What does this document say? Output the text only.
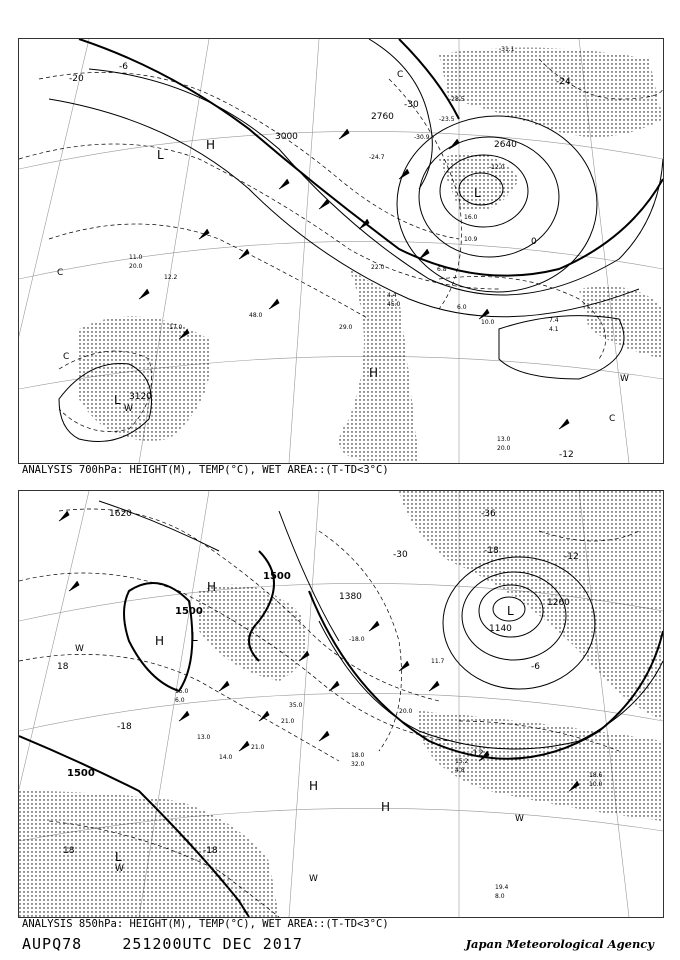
3000
2760
2640
3120
-30
-24
-20
-6
0
-12
L
L
L
H
H
W
W
C
C
C
C
-31.1
-28.5
-23.5
-12.0
-30.9
-24.7
22.0
10.9
16.0
6.8
6.0
7.4
4.1
13.0
20.0
4.4
45.0
29.0
10.0
12.2
17.0
48.0
11.0
20.0
ANALYSIS 700hPa: HEIGHT(M), TEMP(°C), WET AREA::(T-TD<3°C)
1500
1380
1620
1500
1500
1140
1260
-36
-30	-18
-12
-6
-18
-12
18
-18
18
L
L
L
H
H
H
H
W
W
W
W
15.0
6.0
21.0
35.0
-18.0
13.0
14.0
21.0
18.0
32.0
18.6
10.0
19.4
8.0
15.2
4.8
20.0
11.7
ANALYSIS 850hPa: HEIGHT(M), TEMP(°C), WET AREA::(T-TD<3°C)
AUPQ78	251200UTC DEC 2017	Japan Meteorological Agency
